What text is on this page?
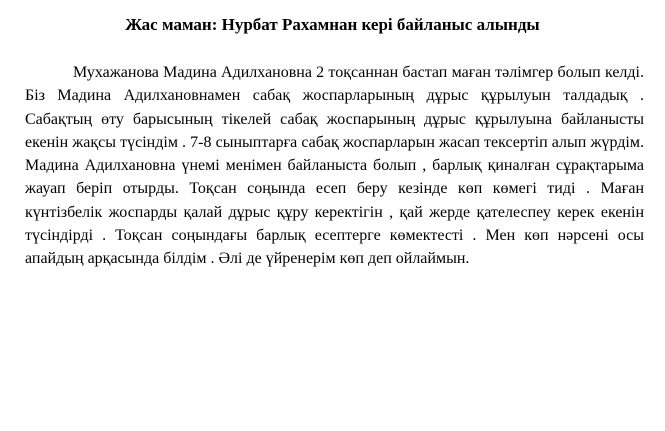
Жас маман: Нурбат Рахамнан кері байланыс алынды

Мухажанова Мадина Адилхановна 2 тоқсаннан бастап маған тәлімгер болып келді. Біз Мадина Адилхановнамен сабақ жоспарларының дұрыс құрылуын талдадық . Сабақтың өту барысының тікелей сабақ жоспарының дұрыс құрылуына байланысты екенін жақсы түсіндім . 7-8 сыныптарға сабақ жоспарларын жасап тексертіп алып жүрдім. Мадина Адилхановна үнемі менімен байланыста болып , барлық қиналған сұрақтарыма жауап беріп отырды. Тоқсан соңында есеп беру кезінде көп көмегі тиді . Маған күнтізбелік жоспарды қалай дұрыс құру керектігін , қай жерде қателеспеу керек екенін түсіндірді . Тоқсан соңындағы барлық есептерге көмектесті . Мен көп нәрсені осы апайдың арқасында білдім . Әлі де үйренерім көп деп ойлаймын.
